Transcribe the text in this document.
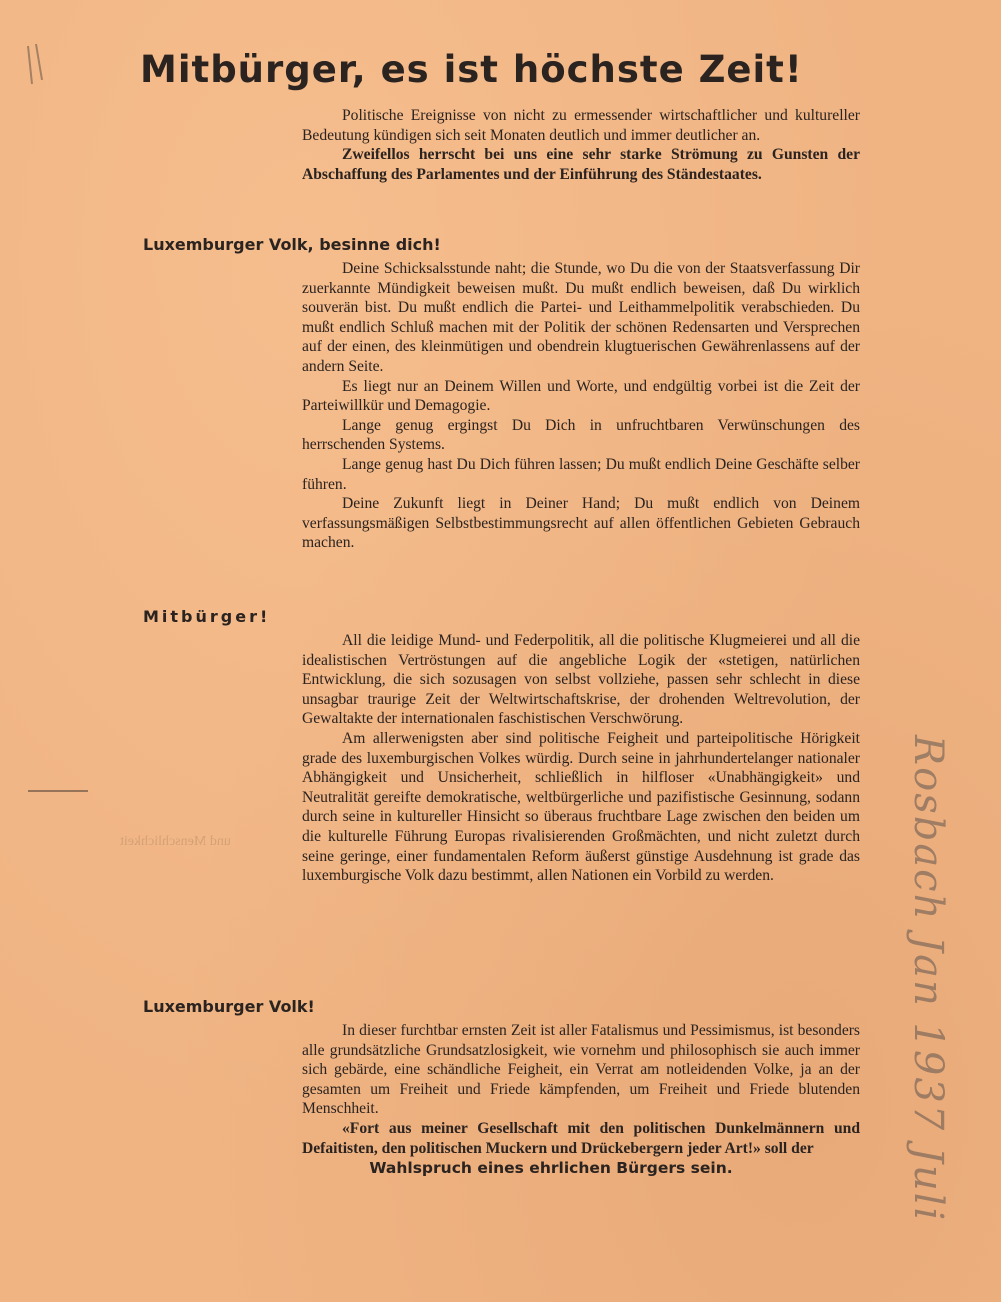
und Menschlichkeit
Mitbürger, es ist höchste Zeit!

Politische Ereignisse von nicht zu ermessender wirtschaftlicher und kultureller Bedeutung kündigen sich seit Monaten deutlich und immer deutlicher an.

Zweifellos herrscht bei uns eine sehr starke Strömung zu Gunsten der Abschaffung des Parlamentes und der Einführung des Ständestaates.

Luxemburger Volk, besinne dich!

Deine Schicksalsstunde naht; die Stunde, wo Du die von der Staatsverfassung Dir zuerkannte Mündigkeit beweisen mußt. Du mußt endlich beweisen, daß Du wirklich souverän bist. Du mußt endlich die Partei- und Leithammelpolitik verabschieden. Du mußt endlich Schluß machen mit der Politik der schönen Redensarten und Versprechen auf der einen, des kleinmütigen und obendrein klugtuerischen Gewährenlassens auf der andern Seite.

Es liegt nur an Deinem Willen und Worte, und endgültig vorbei ist die Zeit der Parteiwillkür und Demagogie.

Lange genug ergingst Du Dich in unfruchtbaren Verwünschungen des herrschenden Systems.

Lange genug hast Du Dich führen lassen; Du mußt endlich Deine Geschäfte selber führen.

Deine Zukunft liegt in Deiner Hand; Du mußt endlich von Deinem verfassungsmäßigen Selbstbestimmungsrecht auf allen öffentlichen Gebieten Gebrauch machen.

Mitbürger!

All die leidige Mund- und Federpolitik, all die politische Klugmeierei und all die idealistischen Vertröstungen auf die angebliche Logik der «stetigen, natürlichen Entwicklung, die sich sozusagen von selbst vollziehe, passen sehr schlecht in diese unsagbar traurige Zeit der Weltwirtschaftskrise, der drohenden Weltrevolution, der Gewaltakte der internationalen faschistischen Verschwörung.

Am allerwenigsten aber sind politische Feigheit und parteipolitische Hörigkeit grade des luxemburgischen Volkes würdig. Durch seine in jahrhundertelanger nationaler Abhängigkeit und Unsicherheit, schließlich in hilfloser «Unabhängigkeit» und Neutralität gereifte demokratische, weltbürgerliche und pazifistische Gesinnung, sodann durch seine in kultureller Hinsicht so überaus fruchtbare Lage zwischen den beiden um die kulturelle Führung Europas rivalisierenden Großmächten, und nicht zuletzt durch seine geringe, einer fundamentalen Reform äußerst günstige Ausdehnung ist grade das luxemburgische Volk dazu bestimmt, allen Nationen ein Vorbild zu werden.

Luxemburger Volk!

In dieser furchtbar ernsten Zeit ist aller Fatalismus und Pessimismus, ist besonders alle grundsätzliche Grundsatzlosigkeit, wie vornehm und philosophisch sie auch immer sich gebärde, eine schändliche Feigheit, ein Verrat am notleidenden Volke, ja an der gesamten um Freiheit und Friede kämpfenden, um Freiheit und Friede blutenden Menschheit.

«Fort aus meiner Gesellschaft mit den politischen Dunkelmännern und Defaitisten, den politischen Muckern und Drückebergern jeder Art!» soll der

Wahlspruch eines ehrlichen Bürgers sein.	Rosbach Jan 1937 Juli
